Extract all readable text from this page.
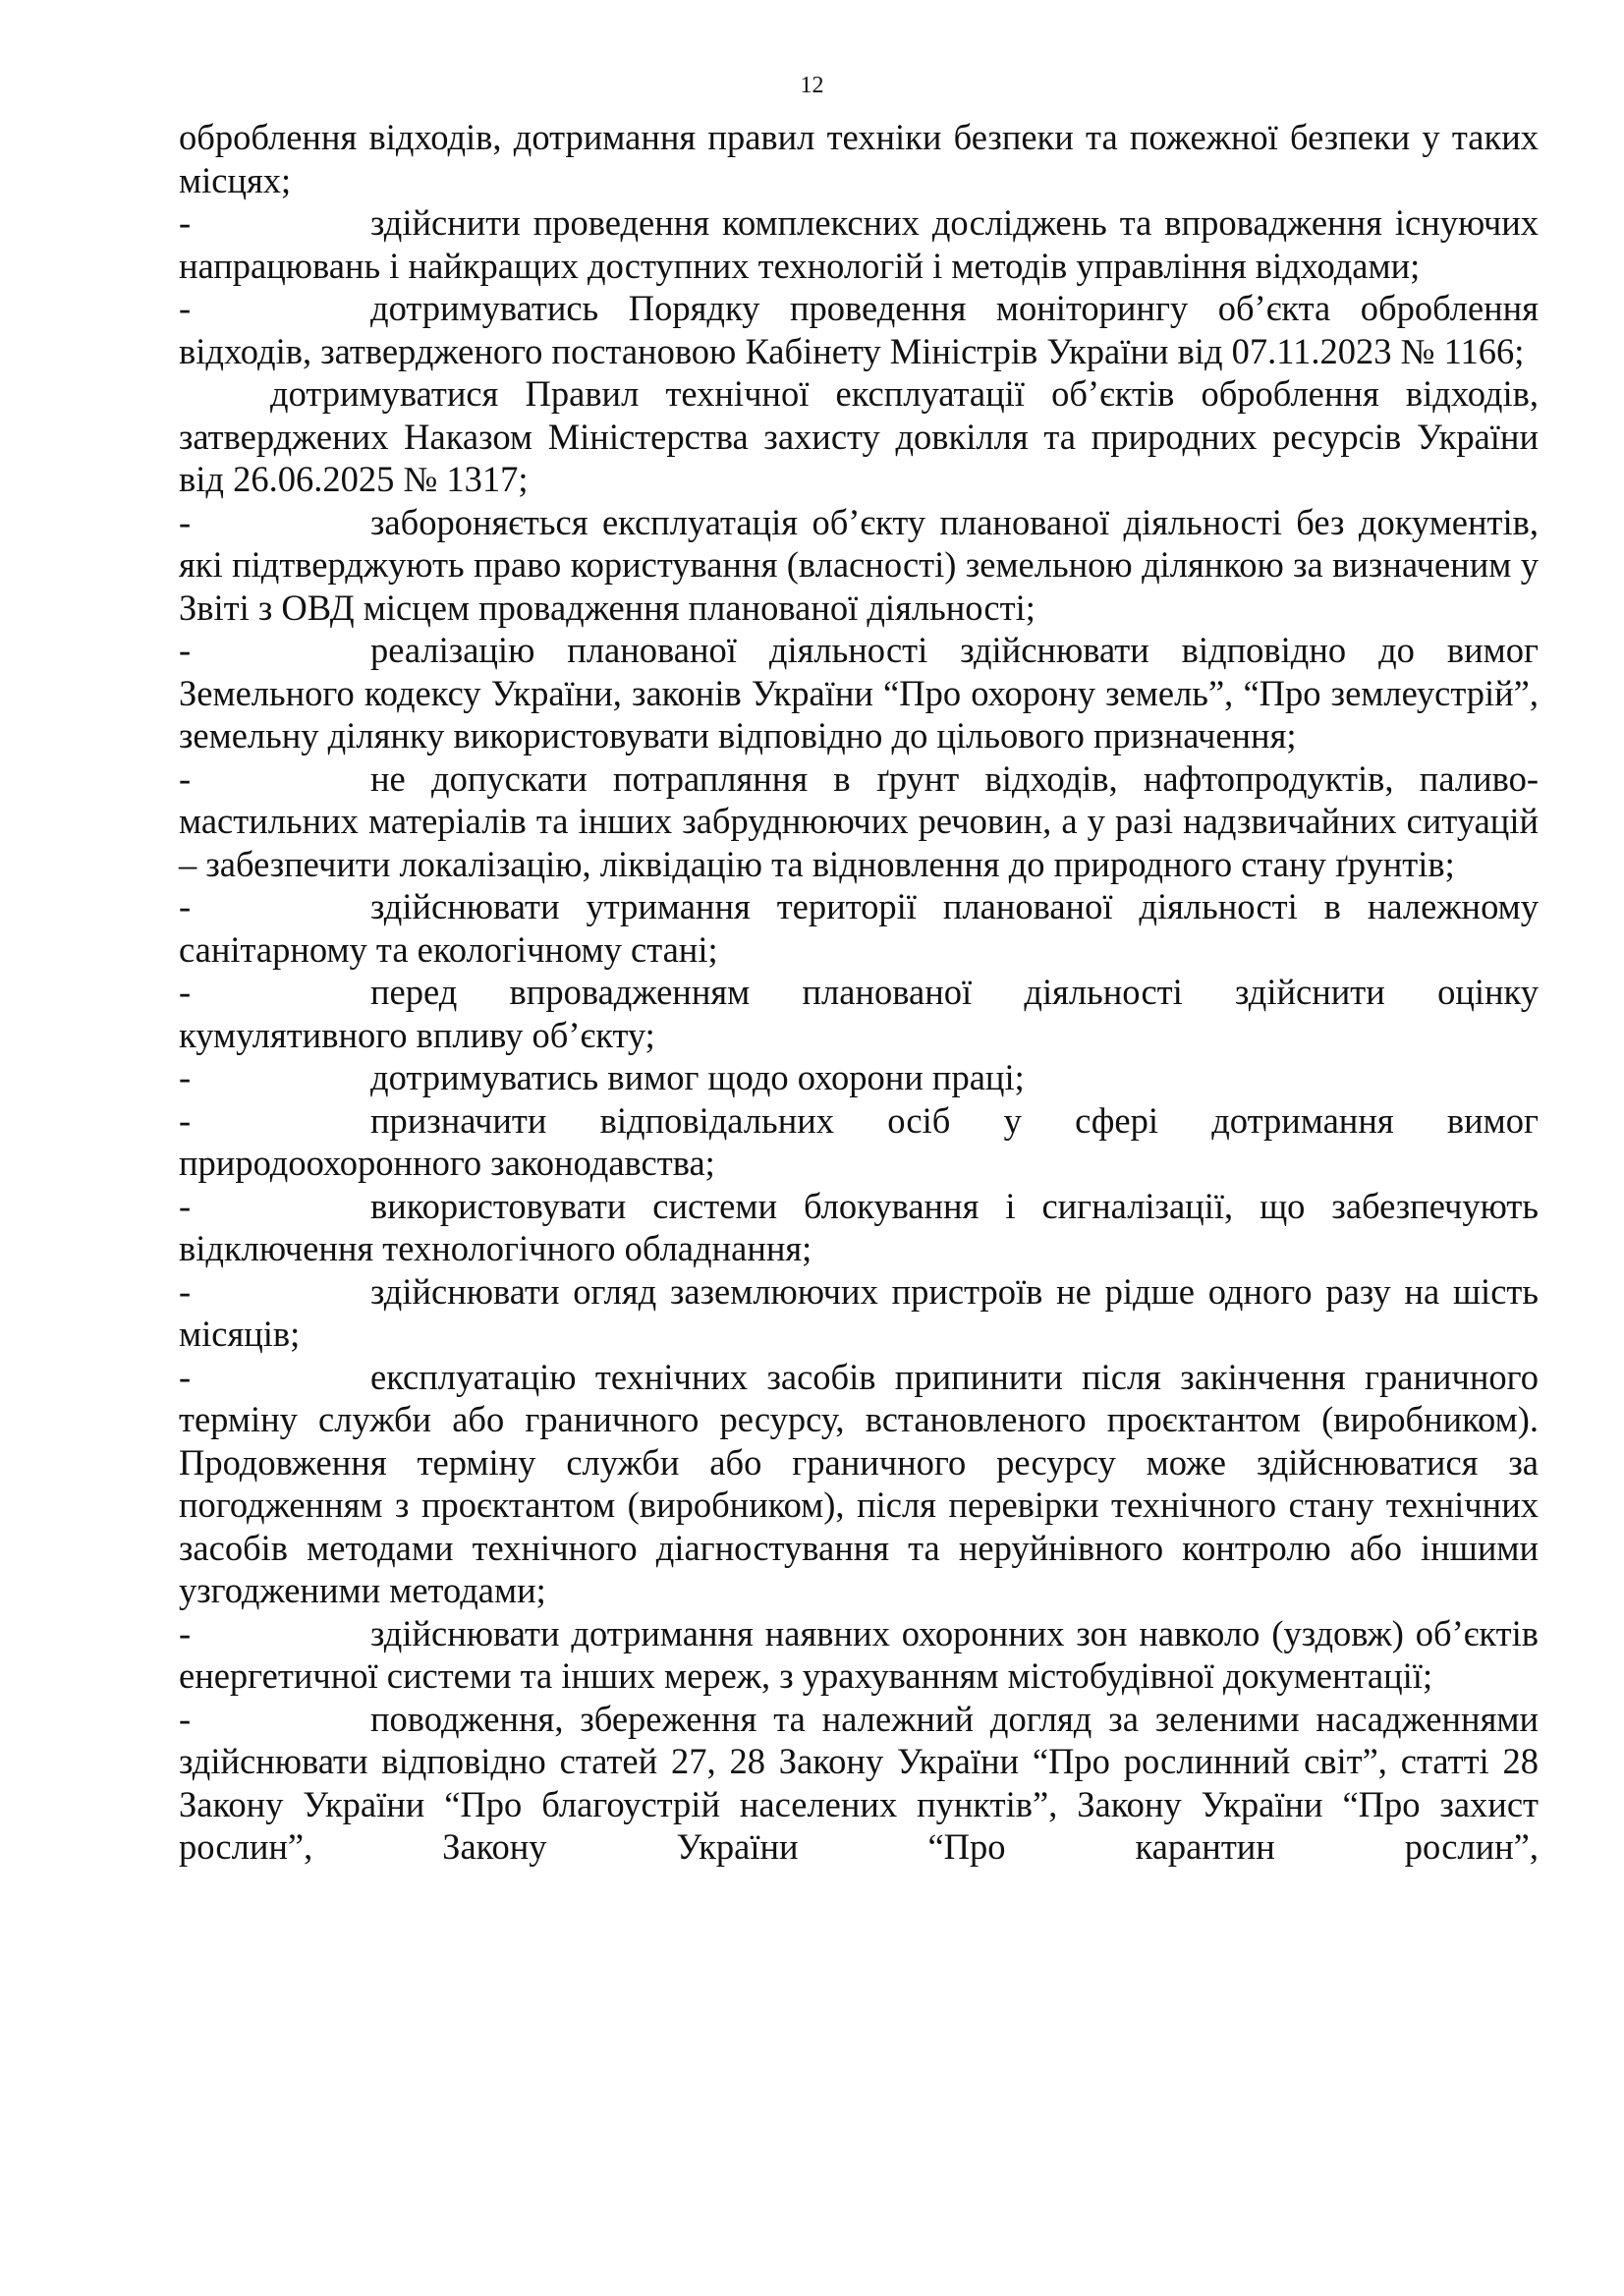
12

оброблення відходів, дотримання правил техніки безпеки та пожежної безпеки у таких місцях;

-	здійснити проведення комплексних досліджень та впровадження існуючих напрацювань і найкращих доступних технологій і методів управління відходами;

-	дотримуватись Порядку проведення моніторингу об’єкта оброблення відходів, затвердженого постановою Кабінету Міністрів України від 07.11.2023 № 1166;

дотримуватися Правил технічної експлуатації об’єктів оброблення відходів, затверджених Наказом Міністерства захисту довкілля та природних ресурсів України від 26.06.2025 № 1317;

-	забороняється експлуатація об’єкту планованої діяльності без документів, які підтверджують право користування (власності) земельною ділянкою за визначеним у Звіті з ОВД місцем провадження планованої діяльності;

-	реалізацію планованої діяльності здійснювати відповідно до вимог Земельного кодексу України, законів України “Про охорону земель”, “Про землеустрій”, земельну ділянку використовувати відповідно до цільового призначення;

-	не допускати потрапляння в ґрунт відходів, нафтопродуктів, паливо-мастильних матеріалів та інших забруднюючих речовин, а у разі надзвичайних ситуацій – забезпечити локалізацію, ліквідацію та відновлення до природного стану ґрунтів;

-	здійснювати утримання території планованої діяльності в належному санітарному та екологічному стані;

-	перед впровадженням планованої діяльності здійснити оцінку кумулятивного впливу об’єкту;

-	дотримуватись вимог щодо охорони праці;

-	призначити відповідальних осіб у сфері дотримання вимог природоохоронного законодавства;

-	використовувати системи блокування і сигналізації, що забезпечують відключення технологічного обладнання;

-	здійснювати огляд заземлюючих пристроїв не рідше одного разу на шість місяців;

-	експлуатацію технічних засобів припинити після закінчення граничного терміну служби або граничного ресурсу, встановленого проєктантом (виробником). Продовження терміну служби або граничного ресурсу може здійснюватися за погодженням з проєктантом (виробником), після перевірки технічного стану технічних засобів методами технічного діагностування та неруйнівного контролю або іншими узгодженими методами;

-	здійснювати дотримання наявних охоронних зон навколо (уздовж) об’єктів енергетичної системи та інших мереж, з урахуванням містобудівної документації;

-	поводження, збереження та належний догляд за зеленими насадженнями здійснювати відповідно статей 27, 28 Закону України “Про рослинний світ”, статті 28 Закону України “Про благоустрій населених пунктів”, Закону України “Про захист рослин”, Закону України “Про карантин рослин”,
